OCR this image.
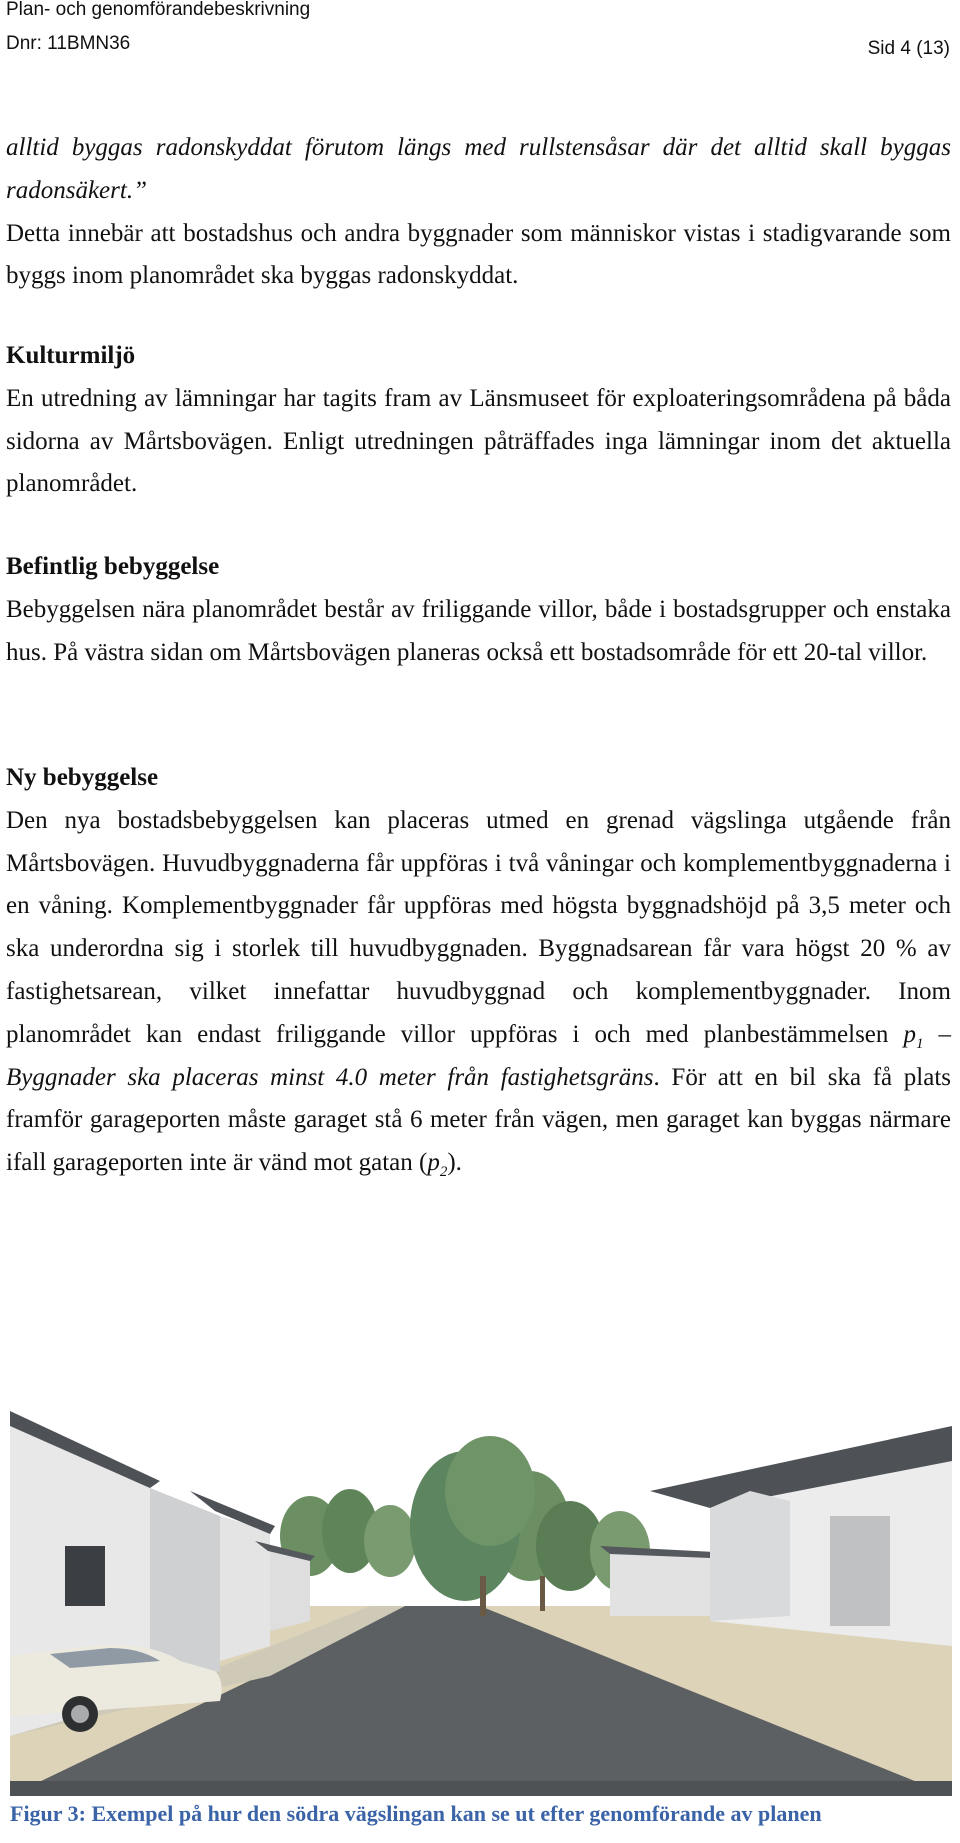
Plan- och genomförandebeskrivning
Dnr: 11BMN36	Sid 4 (13)

alltid byggas radonskyddat förutom längs med rullstensåsar där det alltid skall byggas radonsäkert.”

Detta innebär att bostadshus och andra byggnader som människor vistas i stadigvarande som byggs inom planområdet ska byggas radonskyddat.

Kulturmiljö

En utredning av lämningar har tagits fram av Länsmuseet för exploateringsområdena på båda sidorna av Mårtsbovägen. Enligt utredningen påträffades inga lämningar inom det aktuella planområdet.

Befintlig bebyggelse

Bebyggelsen nära planområdet består av friliggande villor, både i bostadsgrupper och enstaka hus. På västra sidan om Mårtsbovägen planeras också ett bostadsområde för ett 20-tal villor.

Ny bebyggelse

Den nya bostadsbebyggelsen kan placeras utmed en grenad vägslinga utgående från Mårtsbovägen. Huvudbyggnaderna får uppföras i två våningar och komplementbyggnaderna i en våning. Komplementbyggnader får uppföras med högsta byggnadshöjd på 3,5 meter och ska underordna sig i storlek till huvudbyggnaden. Byggnadsarean får vara högst 20 % av fastighetsarean, vilket innefattar huvudbyggnad och komplementbyggnader. Inom planområdet kan endast friliggande villor uppföras i och med planbestämmelsen $p_1$ – Byggnader ska placeras minst 4.0 meter från fastighetsgräns. För att en bil ska få plats framför garageporten måste garaget stå 6 meter från vägen, men garaget kan byggas närmare ifall garageporten inte är vänd mot gatan $(p_2)$.

Figur 3: Exempel på hur den södra vägslingan kan se ut efter genomförande av planen
